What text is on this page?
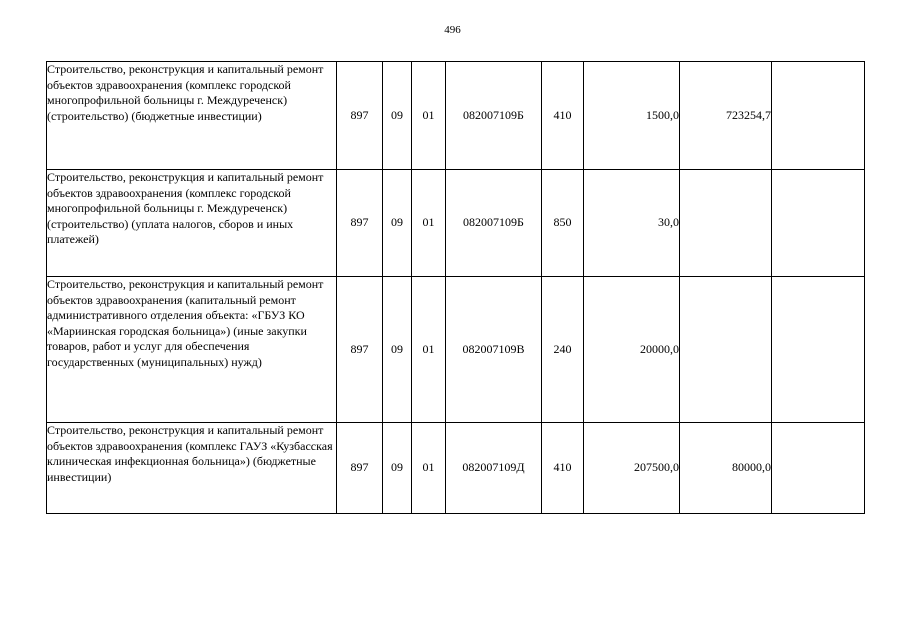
496
Строительство, реконструкция и капитальный ремонт объектов здравоохранения (комплекс городской многопрофильной больницы г. Междуреченск) (строительство) (бюджетные инвестиции)	897	09	01	082007109Б	410	1500,0	723254,7	
Строительство, реконструкция и капитальный ремонт объектов здравоохранения (комплекс городской многопрофильной больницы г. Междуреченск) (строительство) (уплата налогов, сборов и иных платежей)	897	09	01	082007109Б	850	30,0		
Строительство, реконструкция и капитальный ремонт объектов здравоохранения (капитальный ремонт административного отделения объекта: «ГБУЗ КО «Мариинская городская больница») (иные закупки товаров, работ и услуг для обеспечения государственных (муниципальных) нужд)	897	09	01	082007109В	240	20000,0		
Строительство, реконструкция и капитальный ремонт объектов здравоохранения (комплекс ГАУЗ «Кузбасская клиническая инфекционная больница») (бюджетные инвестиции)	897	09	01	082007109Д	410	207500,0	80000,0	
